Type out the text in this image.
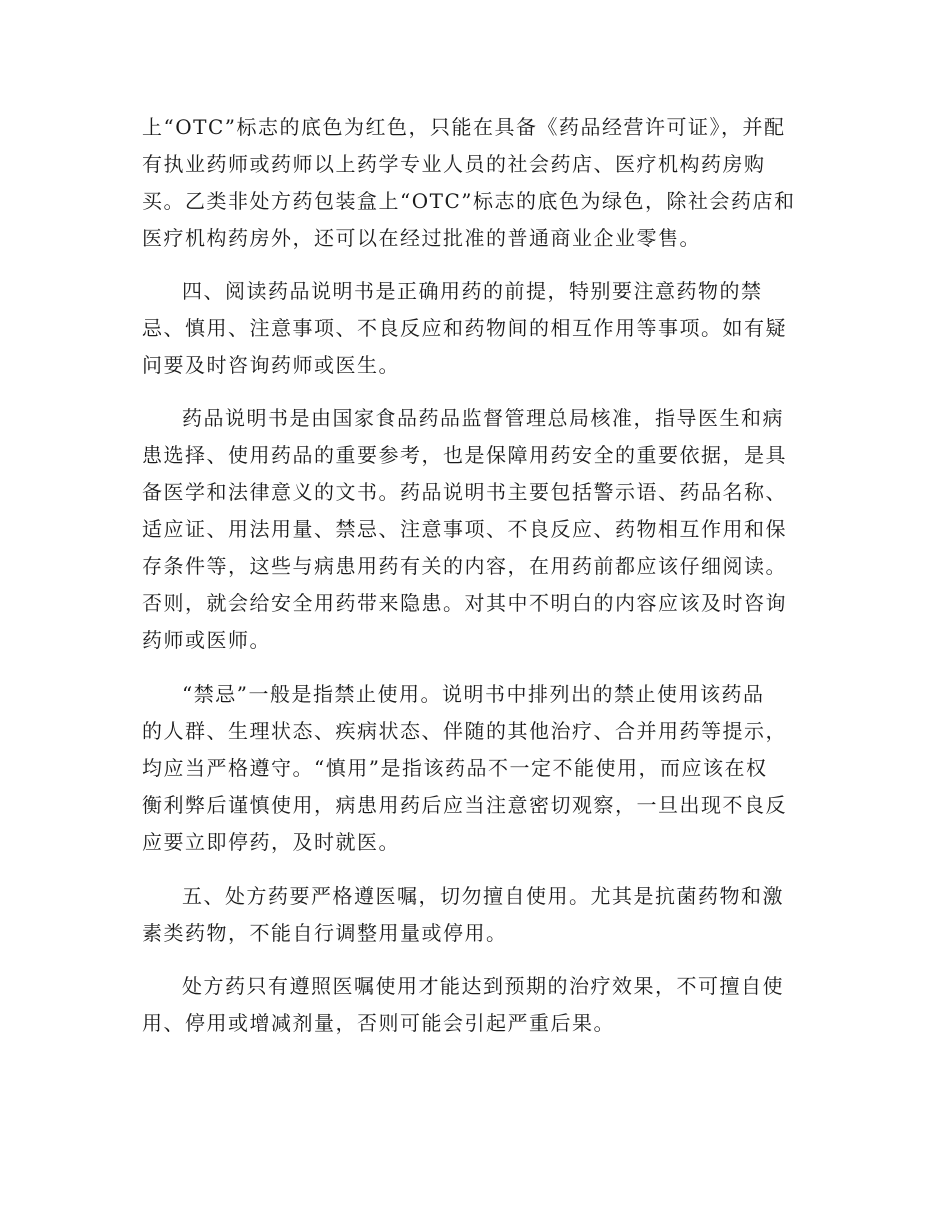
上“OTC”标志的底色为红色，只能在具备《药品经营许可证》，并配
有执业药师或药师以上药学专业人员的社会药店、医疗机构药房购
买。乙类非处方药包装盒上“OTC”标志的底色为绿色，除社会药店和
医疗机构药房外，还可以在经过批准的普通商业企业零售。
四、阅读药品说明书是正确用药的前提，特别要注意药物的禁
忌、慎用、注意事项、不良反应和药物间的相互作用等事项。如有疑
问要及时咨询药师或医生。
药品说明书是由国家食品药品监督管理总局核准，指导医生和病
患选择、使用药品的重要参考，也是保障用药安全的重要依据，是具
备医学和法律意义的文书。药品说明书主要包括警示语、药品名称、
适应证、用法用量、禁忌、注意事项、不良反应、药物相互作用和保
存条件等，这些与病患用药有关的内容，在用药前都应该仔细阅读。
否则，就会给安全用药带来隐患。对其中不明白的内容应该及时咨询
药师或医师。
“禁忌”一般是指禁止使用。说明书中排列出的禁止使用该药品
的人群、生理状态、疾病状态、伴随的其他治疗、合并用药等提示，
均应当严格遵守。“慎用”是指该药品不一定不能使用，而应该在权
衡利弊后谨慎使用，病患用药后应当注意密切观察，一旦出现不良反
应要立即停药，及时就医。
五、处方药要严格遵医嘱，切勿擅自使用。尤其是抗菌药物和激
素类药物，不能自行调整用量或停用。
处方药只有遵照医嘱使用才能达到预期的治疗效果，不可擅自使
用、停用或增减剂量，否则可能会引起严重后果。
